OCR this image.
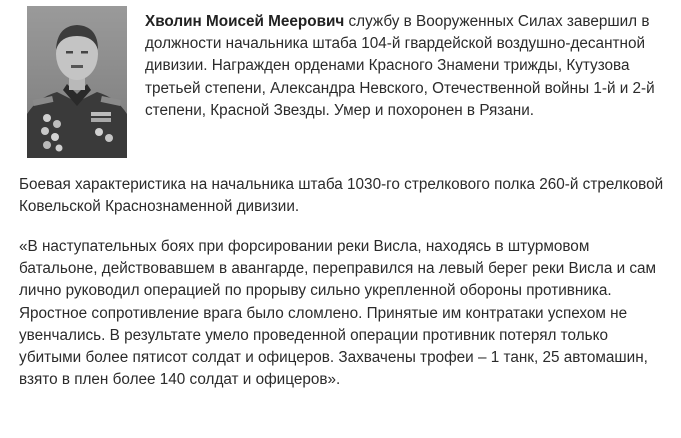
Хволин Моисей Меерович службу в Вооруженных Силах завершил в должности начальника штаба 104-й гвардейской воздушно-десантной дивизии. Награжден орденами Красного Знамени трижды, Кутузова третьей степени, Александра Невского, Отечественной войны 1-й и 2-й степени, Красной Звезды. Умер и похоронен в Рязани.

Боевая характеристика на начальника штаба 1030-го стрелкового полка 260-й стрелковой Ковельской Краснознаменной дивизии.

«В наступательных боях при форсировании реки Висла, находясь в штурмовом батальоне, действовавшем в авангарде, переправился на левый берег реки Висла и сам лично руководил операцией по прорыву сильно укрепленной обороны противника. Яростное сопротивление врага было сломлено. Принятые им контратаки успехом не увенчались. В результате умело проведенной операции противник потерял только убитыми более пятисот солдат и офицеров. Захвачены трофеи – 1 танк, 25 автомашин, взято в плен более 140 солдат и офицеров».
